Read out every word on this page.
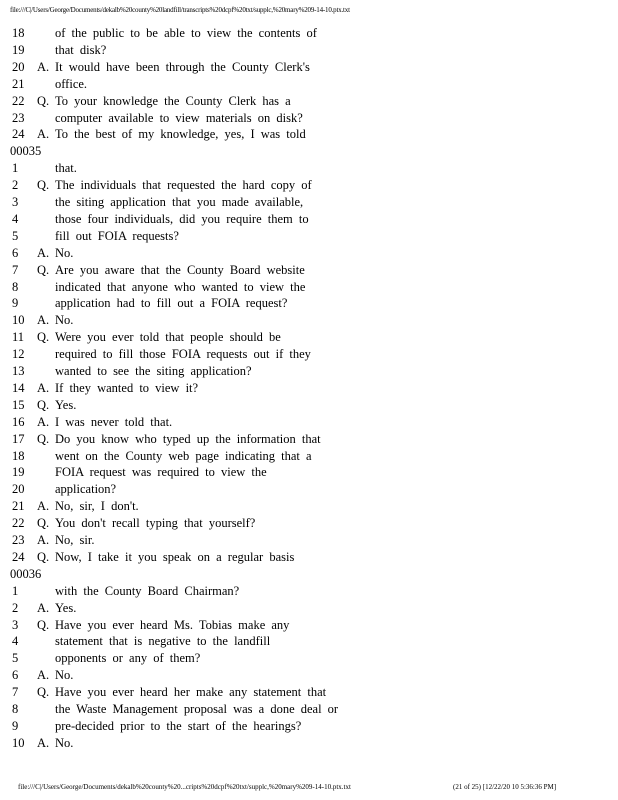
file:///C|/Users/George/Documents/dekalb%20county%20landfill/transcripts%20dcpf%20txt/supplc,%20mary%209-14-10.ptx.txt
18 of the public to be able to view the contents of
19 that disk?
20 A. It would have been through the County Clerk's
21 office.
22 Q. To your knowledge the County Clerk has a
23 computer available to view materials on disk?
24 A. To the best of my knowledge, yes, I was told
00035
1	that.
2 Q. The individuals that requested the hard copy of
3	the siting application that you made available,
4	those four individuals, did you require them to
5	fill out FOIA requests?
6 A. No.
7 Q. Are you aware that the County Board website
8	indicated that anyone who wanted to view the
9	application had to fill out a FOIA request?
10 A. No.
11 Q. Were you ever told that people should be
12 required to fill those FOIA requests out if they
13 wanted to see the siting application?
14 A. If they wanted to view it?
15 Q. Yes.
16 A. I was never told that.
17 Q. Do you know who typed up the information that
18 went on the County web page indicating that a
19 FOIA request was required to view the
20 application?
21 A. No, sir, I don't.
22 Q. You don't recall typing that yourself?
23 A. No, sir.
24 Q. Now, I take it you speak on a regular basis
00036
1	with the County Board Chairman?
2 A. Yes.
3 Q. Have you ever heard Ms. Tobias make any
4	statement that is negative to the landfill
5	opponents or any of them?
6 A. No.
7 Q. Have you ever heard her make any statement that
8	the Waste Management proposal was a done deal or
9	pre-decided prior to the start of the hearings?
10 A. No.
file:///C|/Users/George/Documents/dekalb%20county%20...cripts%20dcpf%20txt/supplc,%20mary%209-14-10.ptx.txt	(21 of 25) [12/22/20 10 5:36:36 PM]
